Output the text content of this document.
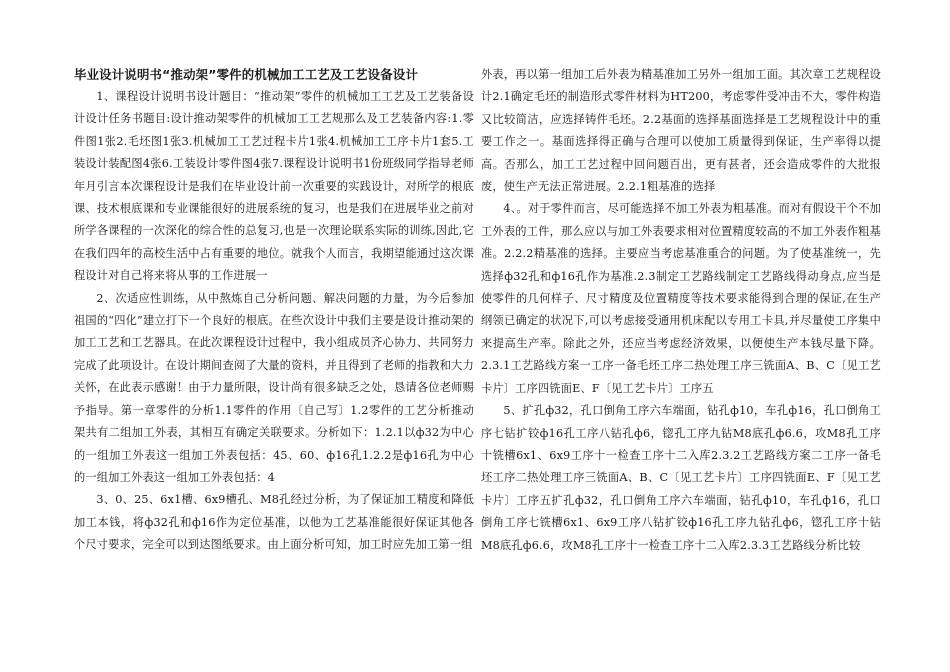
毕业设计说明书“推动架”零件的机械加工工艺及工艺设备设计

1、课程设计说明书设计题目：“推动架”零件的机械加工工艺及工艺装备设计设计任务书题目:设计推动架零件的机械加工工艺规那么及工艺装备内容:1.零件图1张2.毛坯图1张3.机械加工工艺过程卡片1张4.机械加工工序卡片1套5.工装设计装配图4张6.工装设计零件图4张7.课程设计说明书1份班级同学指导老师年月引言本次课程设计是我们在毕业设计前一次重要的实践设计，对所学的根底课、技术根底课和专业课能很好的进展系统的复习，也是我们在进展毕业之前对所学各课程的一次深化的综合性的总复习,也是一次理论联系实际的训练,因此,它在我们四年的高校生活中占有重要的地位。就我个人而言，我期望能通过这次课程设计对自己将来将从事的工作进展一

2、次适应性训练，从中熬炼自己分析问题、解决问题的力量，为今后参加祖国的“四化”建立打下一个良好的根底。在些次设计中我们主要是设计推动架的加工工艺和工艺器具。在此次课程设计过程中，我小组成员齐心协力、共同努力完成了此项设计。在设计期间查阅了大量的资料，并且得到了老师的指教和大力关怀，在此表示感谢！由于力量所限，设计尚有很多缺乏之处，恳请各位老师赐予指导。第一章零件的分析1.1零件的作用〔自己写〕1.2零件的工艺分析推动架共有二组加工外表，其相互有确定关联要求。分析如下：1.2.1以ф32为中心的一组加工外表这一组加工外表包括：45、60、ф16孔1.2.2是ф16孔为中心的一组加工外表这一组加工外表包括：4

3、0、25、6x1槽、6x9槽孔、M8孔经过分析，为了保证加工精度和降低加工本钱，将ф32孔和ф16作为定位基准，以他为工艺基准能很好保证其他各个尺寸要求，完全可以到达图纸要求。由上面分析可知，加工时应先加工第一组

外表，再以第一组加工后外表为精基准加工另外一组加工面。其次章工艺规程设计2.1确定毛坯的制造形式零件材料为HT200，考虑零件受冲击不大，零件构造又比较简洁，应选择铸件毛坯。2.2基面的选择基面选择是工艺规程设计中的重要工作之一。基面选择得正确与合理可以使加工质量得到保证，生产率得以提高。否那么，加工工艺过程中回问题百出，更有甚者，还会造成零件的大批报废，使生产无法正常进展。2.2.1粗基准的选择

4、。对于零件而言，尽可能选择不加工外表为粗基准。而对有假设干个不加工外表的工件，那么应以与加工外表要求相对位置精度较高的不加工外表作粗基准。2.2.2精基准的选择。主要应当考虑基准重合的问题。为了使基准统一，先选择ф32孔和ф16孔作为基准.2.3制定工艺路线制定工艺路线得动身点,应当是使零件的几何样子、尺寸精度及位置精度等技术要求能得到合理的保证,在生产纲领已确定的状况下,可以考虑接受通用机床配以专用工卡具,并尽量使工序集中来提高生产率。除此之外，还应当考虑经济效果，以便使生产本钱尽量下降。2.3.1工艺路线方案一工序一备毛坯工序二热处理工序三铣面A、B、C〔见工艺卡片〕工序四铣面E、F〔见工艺卡片〕工序五

5、扩孔ф32，孔口倒角工序六车端面，钻孔ф10，车孔ф16，孔口倒角工序七钻扩铰ф16孔工序八钻孔ф6，锪孔工序九钻M8底孔ф6.6，攻M8孔工序十铣槽6x1、6x9工序十一检查工序十二入库2.3.2工艺路线方案二工序一备毛坯工序二热处理工序三铣面A、B、C〔见工艺卡片〕工序四铣面E、F〔见工艺卡片〕工序五扩孔ф32，孔口倒角工序六车端面，钻孔ф10，车孔ф16，孔口倒角工序七铣槽6x1、6x9工序八钻扩铰ф16孔工序九钻孔ф6，锪孔工序十钻M8底孔ф6.6，攻M8孔工序十一检查工序十二入库2.3.3工艺路线分析比较
